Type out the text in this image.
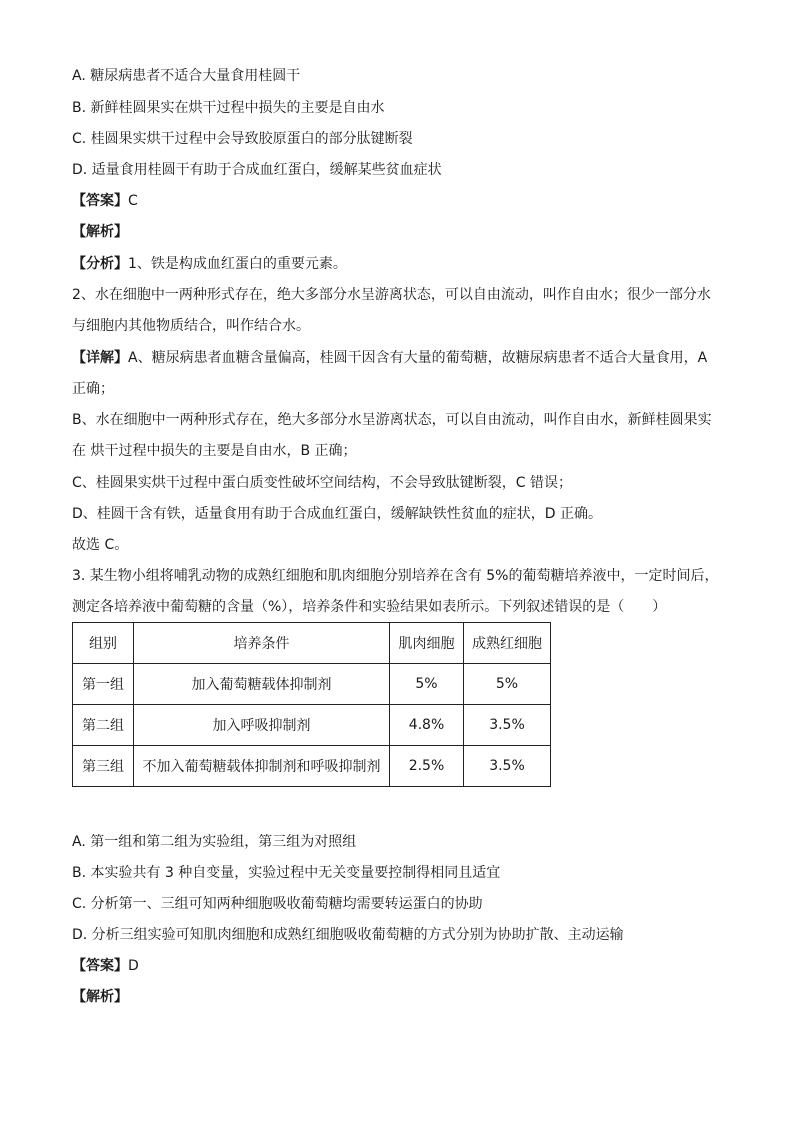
A. 糖尿病患者不适合大量食用桂圆干
B. 新鲜桂圆果实在烘干过程中损失的主要是自由水
C. 桂圆果实烘干过程中会导致胶原蛋白的部分肽键断裂
D. 适量食用桂圆干有助于合成血红蛋白，缓解某些贫血症状
【答案】C
【解析】
【分析】1、铁是构成血红蛋白的重要元素。
2、水在细胞中一两种形式存在，绝大多部分水呈游离状态，可以自由流动，叫作自由水；很少一部分水
与细胞内其他物质结合，叫作结合水。
【详解】A、糖尿病患者血糖含量偏高，桂圆干因含有大量的葡萄糖，故糖尿病患者不适合大量食用，A
正确；
B、水在细胞中一两种形式存在，绝大多部分水呈游离状态，可以自由流动，叫作自由水，新鲜桂圆果实
在 烘干过程中损失的主要是自由水，B 正确；
C、桂圆果实烘干过程中蛋白质变性破坏空间结构，不会导致肽键断裂，C 错误；
D、桂圆干含有铁，适量食用有助于合成血红蛋白，缓解缺铁性贫血的症状，D 正确。
故选 C。
3. 某生物小组将哺乳动物的成熟红细胞和肌肉细胞分别培养在含有 5%的葡萄糖培养液中，一定时间后，
测定各培养液中葡萄糖的含量（%），培养条件和实验结果如表所示。下列叙述错误的是（　　）
组别	培养条件	肌肉细胞	成熟红细胞
第一组	加入葡萄糖载体抑制剂	5%	5%
第二组	加入呼吸抑制剂	4.8%	3.5%
第三组	不加入葡萄糖载体抑制剂和呼吸抑制剂	2.5%	3.5%
A. 第一组和第二组为实验组，第三组为对照组
B. 本实验共有 3 种自变量，实验过程中无关变量要控制得相同且适宜
C. 分析第一、三组可知两种细胞吸收葡萄糖均需要转运蛋白的协助
D. 分析三组实验可知肌肉细胞和成熟红细胞吸收葡萄糖的方式分别为协助扩散、主动运输
【答案】D
【解析】
